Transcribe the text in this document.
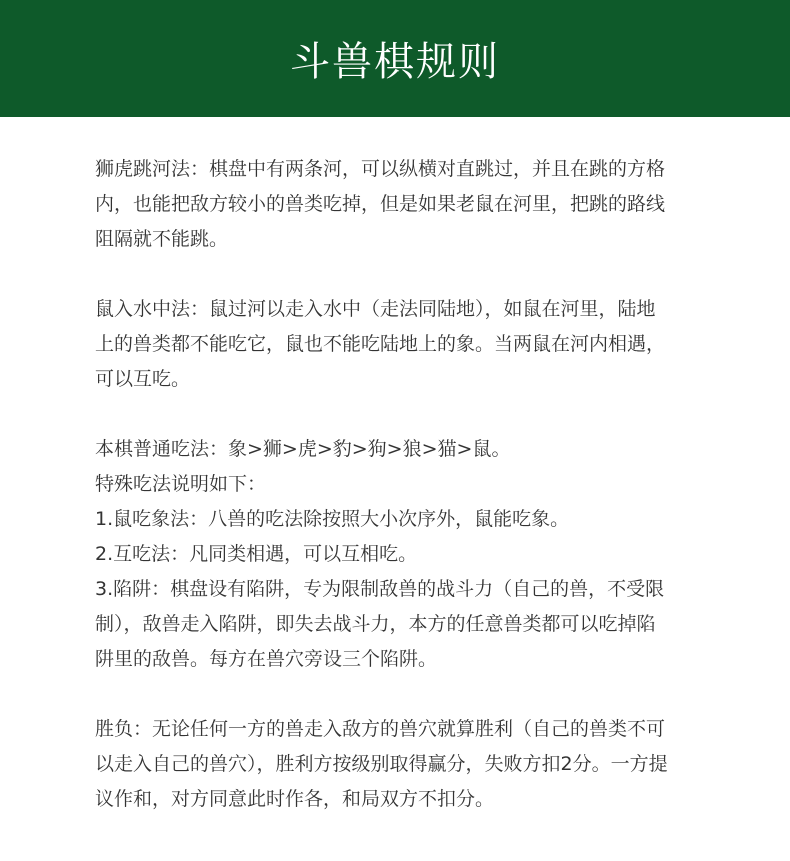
斗兽棋规则
狮虎跳河法：棋盘中有两条河，可以纵横对直跳过，并且在跳的方格
内，也能把敌方较小的兽类吃掉，但是如果老鼠在河里，把跳的路线
阻隔就不能跳。
鼠入水中法：鼠过河以走入水中（走法同陆地），如鼠在河里，陆地
上的兽类都不能吃它，鼠也不能吃陆地上的象。当两鼠在河内相遇，
可以互吃。
本棋普通吃法：象>狮>虎>豹>狗>狼>猫>鼠。
特殊吃法说明如下：
1.鼠吃象法：八兽的吃法除按照大小次序外，鼠能吃象。
2.互吃法：凡同类相遇，可以互相吃。
3.陷阱：棋盘设有陷阱，专为限制敌兽的战斗力（自己的兽，不受限
制），敌兽走入陷阱，即失去战斗力，本方的任意兽类都可以吃掉陷
阱里的敌兽。每方在兽穴旁设三个陷阱。
胜负：无论任何一方的兽走入敌方的兽穴就算胜利（自己的兽类不可
以走入自己的兽穴），胜利方按级别取得赢分，失败方扣2分。一方提
议作和，对方同意此时作各，和局双方不扣分。
